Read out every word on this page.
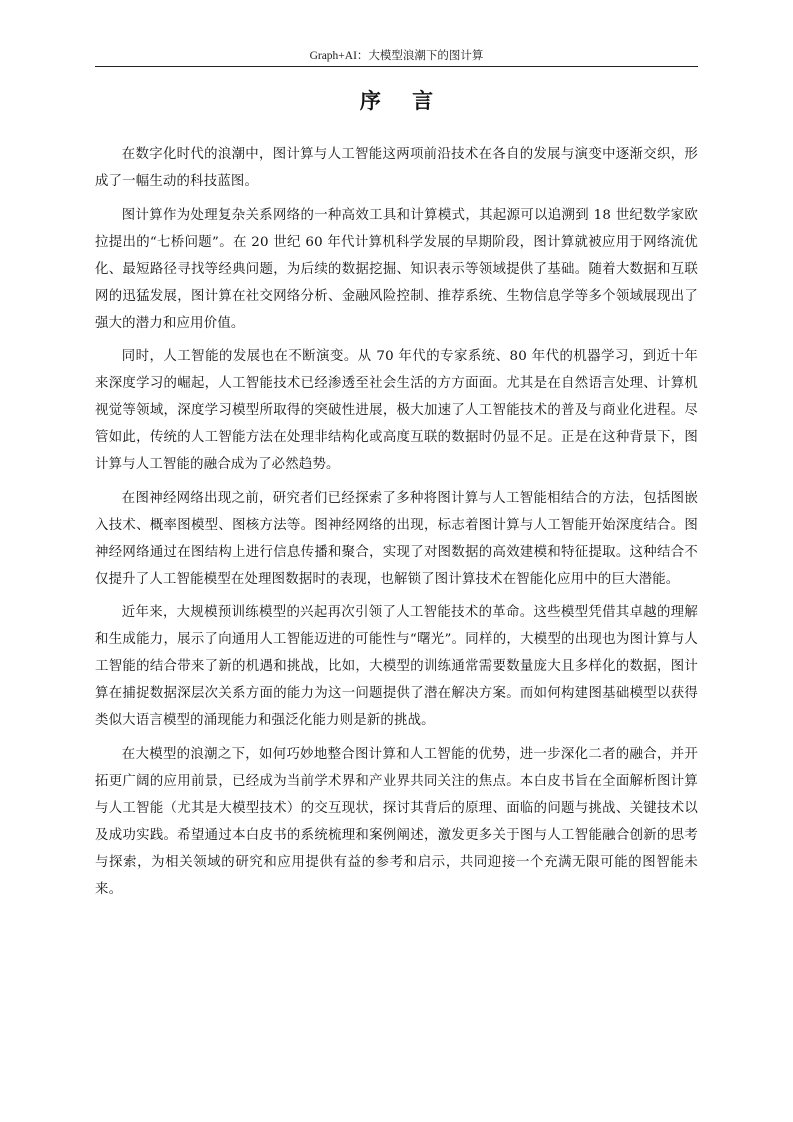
Graph+AI：大模型浪潮下的图计算
序 言

在数字化时代的浪潮中，图计算与人工智能这两项前沿技术在各自的发展与演变中逐渐交织，形成了一幅生动的科技蓝图。

图计算作为处理复杂关系网络的一种高效工具和计算模式，其起源可以追溯到 18 世纪数学家欧拉提出的“七桥问题”。在 20 世纪 60 年代计算机科学发展的早期阶段，图计算就被应用于网络流优化、最短路径寻找等经典问题，为后续的数据挖掘、知识表示等领域提供了基础。随着大数据和互联网的迅猛发展，图计算在社交网络分析、金融风险控制、推荐系统、生物信息学等多个领域展现出了强大的潜力和应用价值。

同时，人工智能的发展也在不断演变。从 70 年代的专家系统、80 年代的机器学习，到近十年来深度学习的崛起，人工智能技术已经渗透至社会生活的方方面面。尤其是在自然语言处理、计算机视觉等领域，深度学习模型所取得的突破性进展，极大加速了人工智能技术的普及与商业化进程。尽管如此，传统的人工智能方法在处理非结构化或高度互联的数据时仍显不足。正是在这种背景下，图计算与人工智能的融合成为了必然趋势。

在图神经网络出现之前，研究者们已经探索了多种将图计算与人工智能相结合的方法，包括图嵌入技术、概率图模型、图核方法等。图神经网络的出现，标志着图计算与人工智能开始深度结合。图神经网络通过在图结构上进行信息传播和聚合，实现了对图数据的高效建模和特征提取。这种结合不仅提升了人工智能模型在处理图数据时的表现，也解锁了图计算技术在智能化应用中的巨大潜能。

近年来，大规模预训练模型的兴起再次引领了人工智能技术的革命。这些模型凭借其卓越的理解和生成能力，展示了向通用人工智能迈进的可能性与“曙光”。同样的，大模型的出现也为图计算与人工智能的结合带来了新的机遇和挑战，比如，大模型的训练通常需要数量庞大且多样化的数据，图计算在捕捉数据深层次关系方面的能力为这一问题提供了潜在解决方案。而如何构建图基础模型以获得类似大语言模型的涌现能力和强泛化能力则是新的挑战。

在大模型的浪潮之下，如何巧妙地整合图计算和人工智能的优势，进一步深化二者的融合，并开拓更广阔的应用前景，已经成为当前学术界和产业界共同关注的焦点。本白皮书旨在全面解析图计算与人工智能（尤其是大模型技术）的交互现状，探讨其背后的原理、面临的问题与挑战、关键技术以及成功实践。希望通过本白皮书的系统梳理和案例阐述，激发更多关于图与人工智能融合创新的思考与探索，为相关领域的研究和应用提供有益的参考和启示，共同迎接一个充满无限可能的图智能未来。
